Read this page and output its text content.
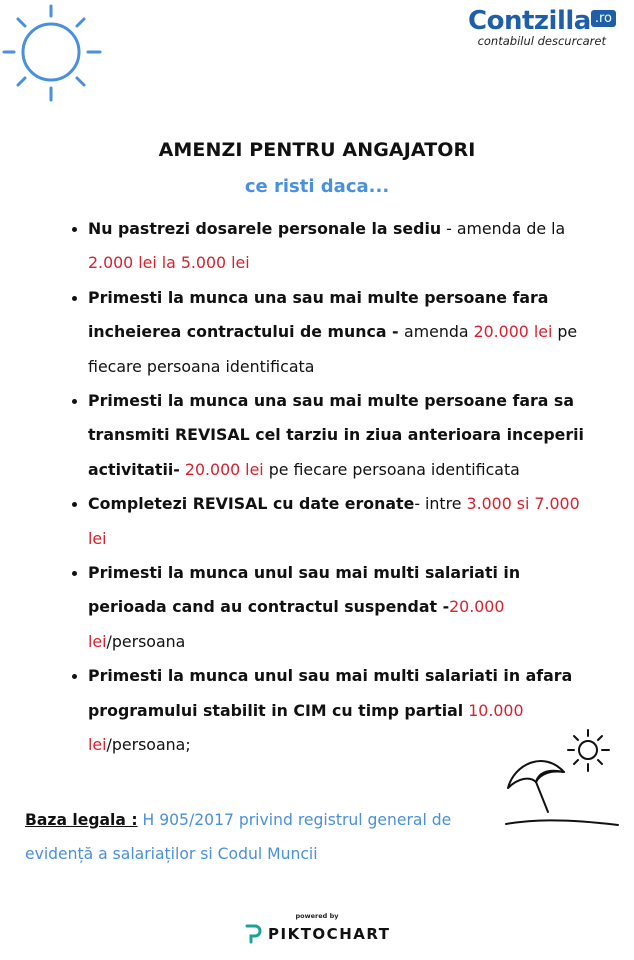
Contzilla .ro
contabilul descurcaret
AMENZI PENTRU ANGAJATORI
ce risti daca...
• Nu pastrezi dosarele personale la sediu - amenda de la 2.000 lei la 5.000 lei
• Primesti la munca una sau mai multe persoane fara incheierea contractului de munca - amenda 20.000 lei pe fiecare persoana identificata
• Primesti la munca una sau mai multe persoane fara sa transmiti REVISAL cel tarziu in ziua anterioara inceperii activitatii- 20.000 lei pe fiecare persoana identificata
• Completezi REVISAL cu date eronate- intre 3.000 si 7.000 lei
• Primesti la munca unul sau mai multi salariati in perioada cand au contractul suspendat -20.000 lei/persoana
• Primesti la munca unul sau mai multi salariati in afara programului stabilit in CIM cu timp partial 10.000 lei/persoana;
Baza legala : H 905/2017 privind registrul general de evidență a salariaților si Codul Muncii
powered by
PIKTOCHART
